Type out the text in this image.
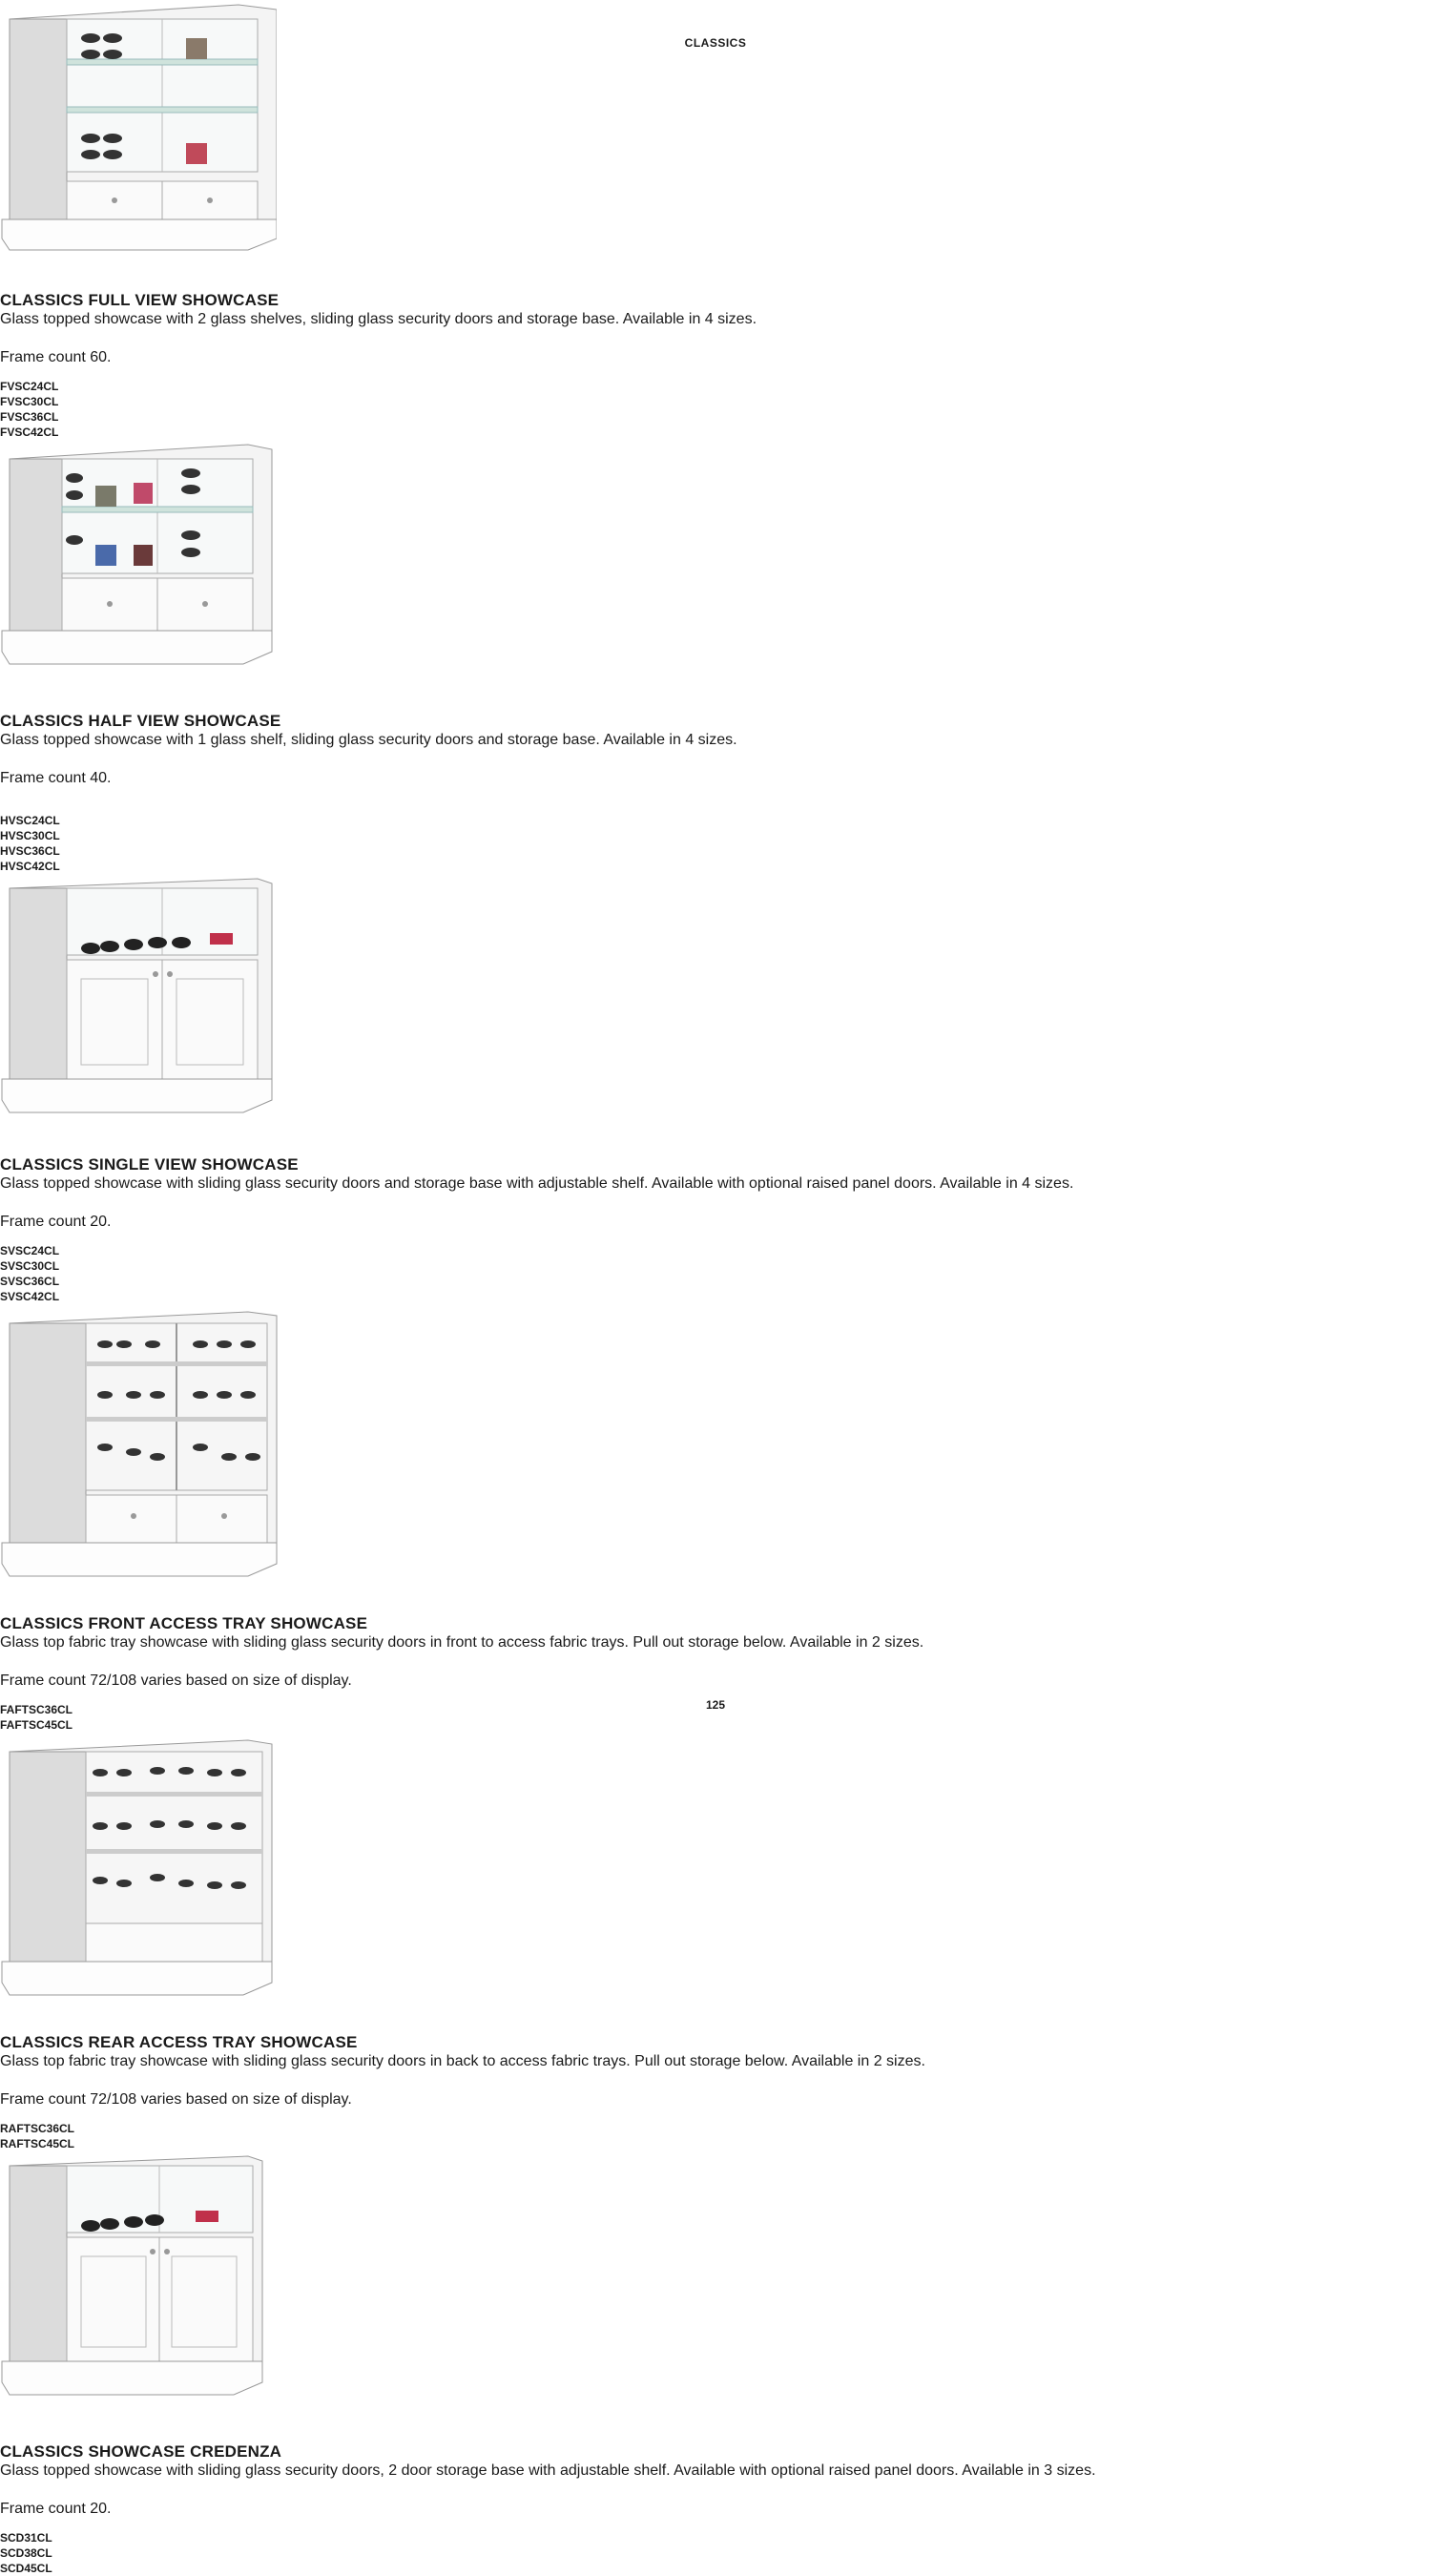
CLASSICS

CLASSICS FULL VIEW SHOWCASE

Glass topped showcase with 2 glass shelves, sliding glass security doors and storage base. Available in 4 sizes.

Frame count 60.

FVSC24CL
FVSC30CL
FVSC36CL
FVSC42CL

CLASSICS HALF VIEW SHOWCASE

Glass topped showcase with 1 glass shelf, sliding glass security doors and storage base. Available in 4 sizes.

Frame count 40.

HVSC24CL
HVSC30CL
HVSC36CL
HVSC42CL

CLASSICS SINGLE VIEW SHOWCASE

Glass topped showcase with sliding glass security doors and storage base with adjustable shelf. Available with optional raised panel doors. Available in 4 sizes.

Frame count 20.

SVSC24CL
SVSC30CL
SVSC36CL
SVSC42CL

CLASSICS FRONT ACCESS TRAY SHOWCASE

Glass top fabric tray showcase with sliding glass security doors in front to access fabric trays. Pull out storage below. Available in 2 sizes.

Frame count 72/108 varies based on size of display.

FAFTSC36CL
FAFTSC45CL

CLASSICS REAR ACCESS TRAY SHOWCASE

Glass top fabric tray showcase with sliding glass security doors in back to access fabric trays. Pull out storage below. Available in 2 sizes.

Frame count 72/108 varies based on size of display.

RAFTSC36CL
RAFTSC45CL

CLASSICS SHOWCASE CREDENZA

Glass topped showcase with sliding glass security doors, 2 door storage base with adjustable shelf. Available with optional raised panel doors. Available in 3 sizes.

Frame count 20.

SCD31CL
SCD38CL
SCD45CL
125
